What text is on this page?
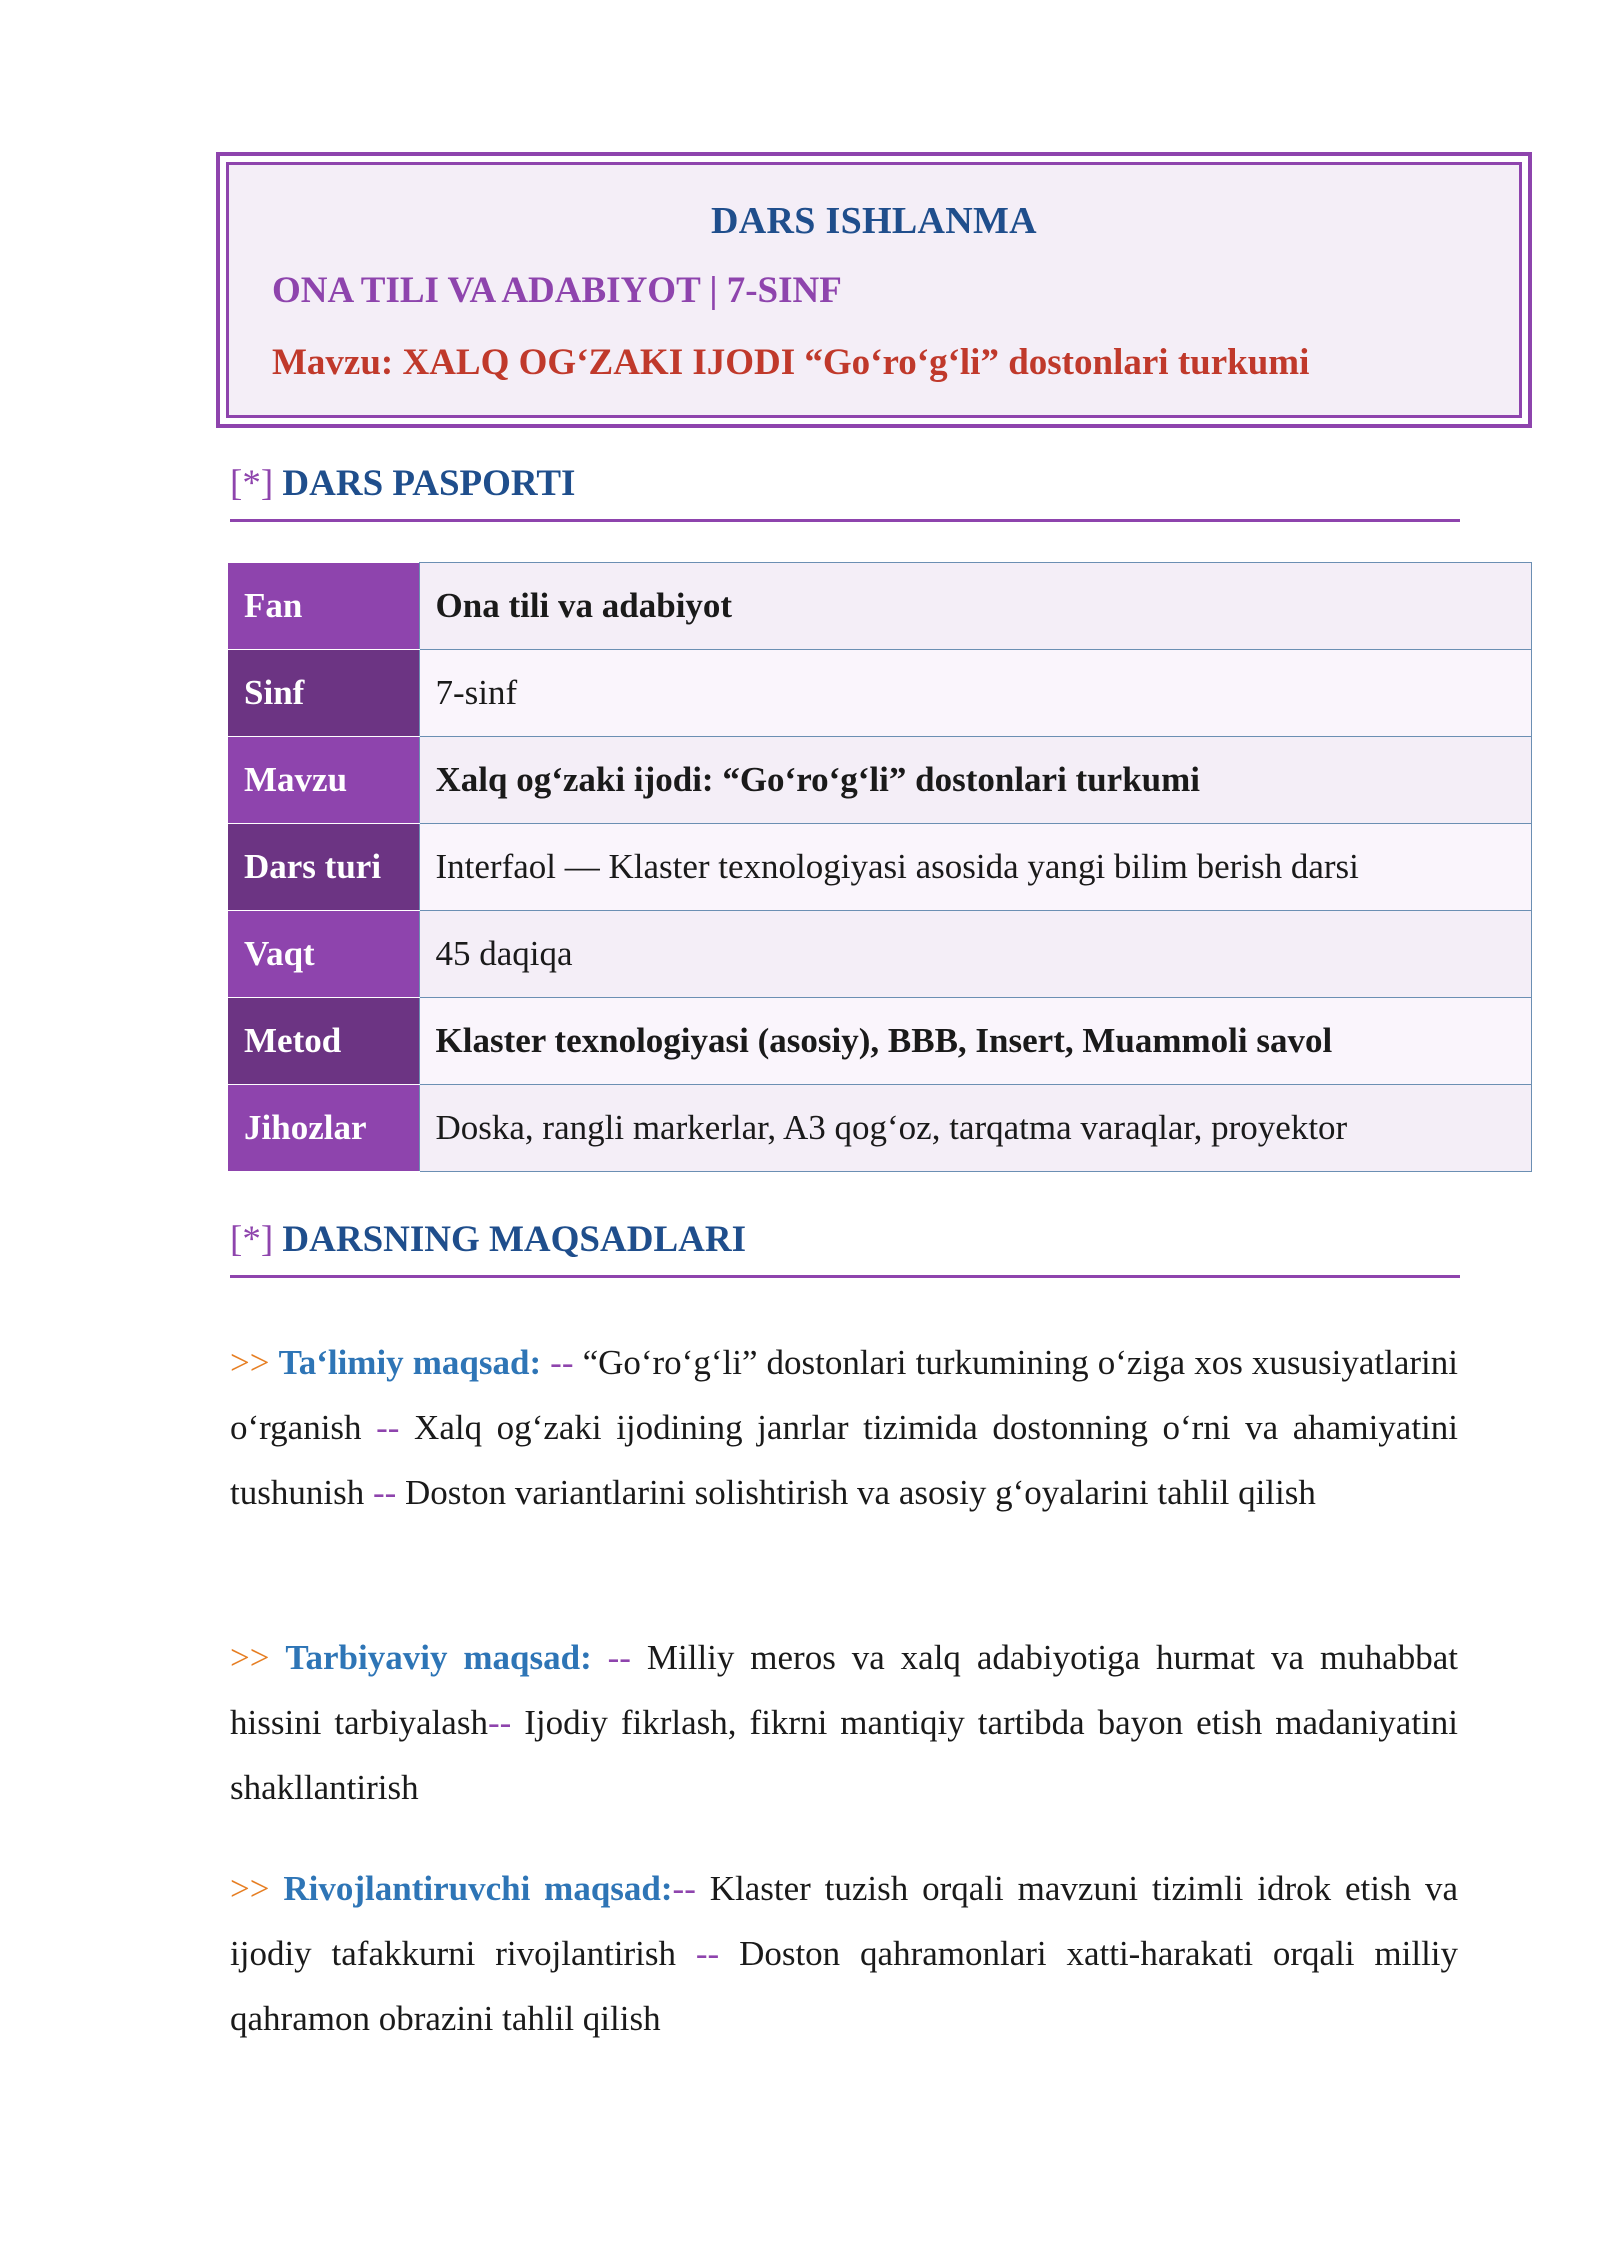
DARS ISHLANMA
ONA TILI VA ADABIYOT | 7-SINF
Mavzu: XALQ OG‘ZAKI IJODI “Go‘ro‘g‘li” dostonlari turkumi
[*] DARS PASPORTI
Fan	Ona tili va adabiyot
Sinf	7-sinf
Mavzu	Xalq og‘zaki ijodi: “Go‘ro‘g‘li” dostonlari turkumi
Dars turi	Interfaol — Klaster texnologiyasi asosida yangi bilim berish darsi
Vaqt	45 daqiqa
Metod	Klaster texnologiyasi (asosiy), BBB, Insert, Muammoli savol
Jihozlar	Doska, rangli markerlar, A3 qog‘oz, tarqatma varaqlar, proyektor
[*] DARSNING MAQSADLARI
>> Ta‘limiy maqsad: -- “Go‘ro‘g‘li” dostonlari turkumining o‘ziga xos xususiyatlarini o‘rganish -- Xalq og‘zaki ijodining janrlar tizimida dostonning o‘rni va ahamiyatini tushunish -- Doston variantlarini solishtirish va asosiy g‘oyalarini tahlil qilish
>> Tarbiyaviy maqsad: -- Milliy meros va xalq adabiyotiga hurmat va muhabbat hissini tarbiyalash-- Ijodiy fikrlash, fikrni mantiqiy tartibda bayon etish madaniyatini shakllantirish
>> Rivojlantiruvchi maqsad:-- Klaster tuzish orqali mavzuni tizimli idrok etish va ijodiy tafakkurni rivojlantirish -- Doston qahramonlari xatti-harakati orqali milliy qahramon obrazini tahlil qilish
